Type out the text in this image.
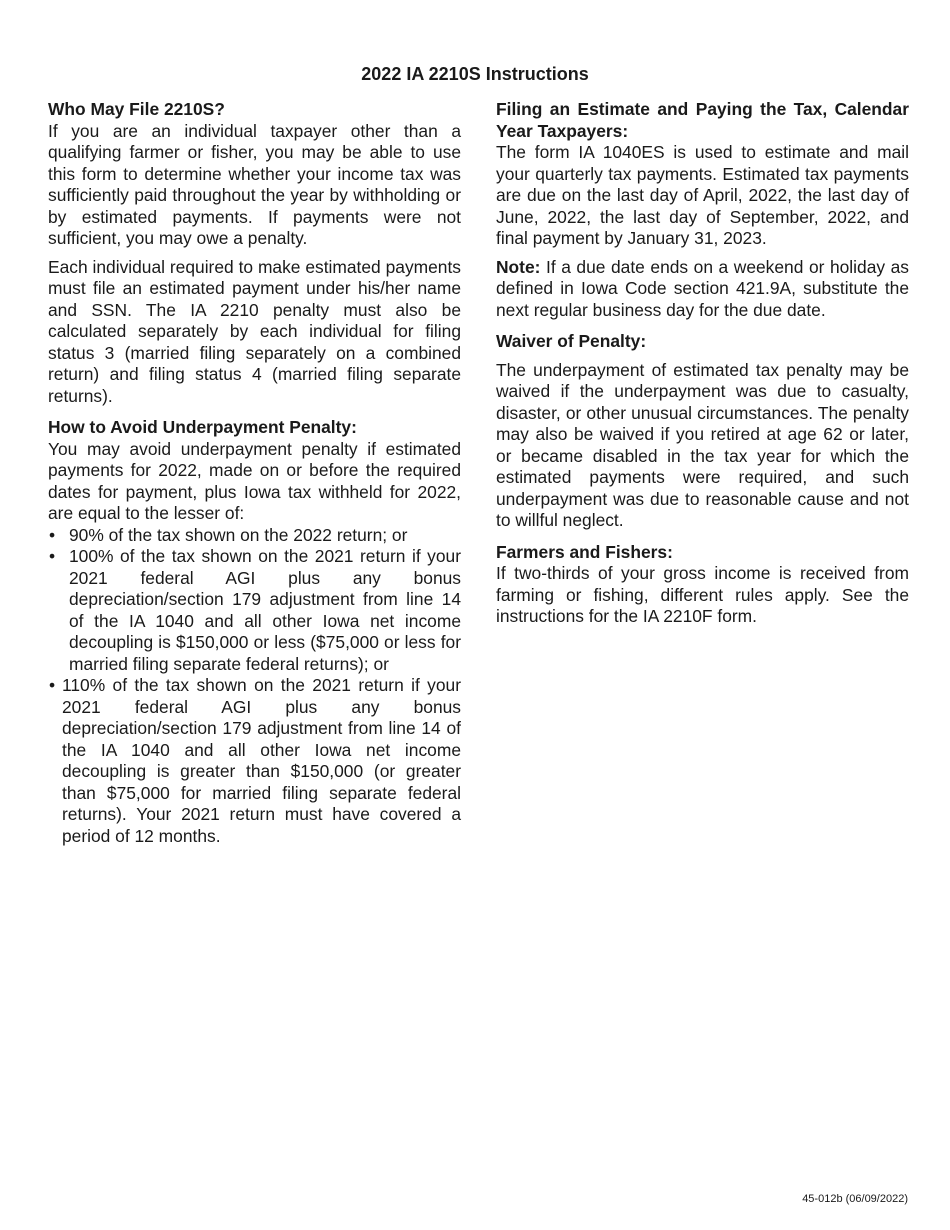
2022 IA 2210S Instructions
Who May File 2210S?

If you are an individual taxpayer other than a qualifying farmer or fisher, you may be able to use this form to determine whether your income tax was sufficiently paid throughout the year by withholding or by estimated payments. If payments were not sufficient, you may owe a penalty.

Each individual required to make estimated payments must file an estimated payment under his/her name and SSN. The IA 2210 penalty must also be calculated separately by each individual for filing status 3 (married filing separately on a combined return) and filing status 4 (married filing separate returns).

How to Avoid Underpayment Penalty:

You may avoid underpayment penalty if estimated payments for 2022, made on or before the required dates for payment, plus Iowa tax withheld for 2022, are equal to the lesser of:

• 90% of the tax shown on the 2022 return; or
• 100% of the tax shown on the 2021 return if your 2021 federal AGI plus any bonus depreciation/section 179 adjustment from line 14 of the IA 1040 and all other Iowa net income decoupling is $150,000 or less ($75,000 or less for married filing separate federal returns); or
• 110% of the tax shown on the 2021 return if your 2021 federal AGI plus any bonus depreciation/section 179 adjustment from line 14 of the IA 1040 and all other Iowa net income decoupling is greater than $150,000 (or greater than $75,000 for married filing separate federal returns). Your 2021 return must have covered a period of 12 months.
Filing an Estimate and Paying the Tax, Calendar Year Taxpayers:

The form IA 1040ES is used to estimate and mail your quarterly tax payments. Estimated tax payments are due on the last day of April, 2022, the last day of June, 2022, the last day of September, 2022, and final payment by January 31, 2023.

Note: If a due date ends on a weekend or holiday as defined in Iowa Code section 421.9A, substitute the next regular business day for the due date.

Waiver of Penalty:

The underpayment of estimated tax penalty may be waived if the underpayment was due to casualty, disaster, or other unusual circumstances. The penalty may also be waived if you retired at age 62 or later, or became disabled in the tax year for which the estimated payments were required, and such underpayment was due to reasonable cause and not to willful neglect.

Farmers and Fishers:

If two-thirds of your gross income is received from farming or fishing, different rules apply. See the instructions for the IA 2210F form.

45-012b (06/09/2022)
